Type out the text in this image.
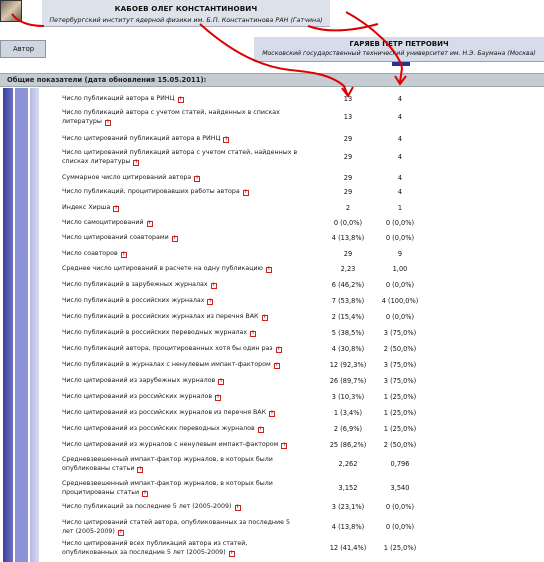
КАБОЕВ ОЛЕГ КОНСТАНТИНОВИЧ
Петербургский институт ядерной физики им. Б.П. Константинова РАН (Гатчина)
Автор
ГАРЯЕВ ПЕТР ПЕТРОВИЧ
Московский государственный технический университет им. Н.Э. Баумана (Москва)
Общие показатели (дата обновления 15.05.2011):
Число публикаций автора в РИНЦ ?	13	4
Число публикаций автора с учетом статей, найденных в списках литературы ?
13	4
Число цитирований публикаций автора в РИНЦ ?	29	4
Число цитирований публикаций автора с учетом статей, найденных в списках литературы ?
29	4
Суммарное число цитирований автора ?	29	4
Число публикаций, процитировавших работы автора ?	29	4
Индекс Хирша ?	2	1
Число самоцитирований ?	0 (0,0%)	0 (0,0%)
Число цитирований соавторами ?	4 (13,8%)	0 (0,0%)
Число соавторов ?	29	9
Среднее число цитирований в расчете на одну публикацию ?	2,23	1,00
Число публикаций в зарубежных журналах ?	6 (46,2%)	0 (0,0%)
Число публикаций в российских журналах ?	7 (53,8%)	4 (100,0%)
Число публикаций в российских журналах из перечня ВАК ?	2 (15,4%)	0 (0,0%)
Число публикаций в российских переводных журналах ?	5 (38,5%)	3 (75,0%)
Число публикаций автора, процитированных хотя бы один раз ?	4 (30,8%)	2 (50,0%)
Число публикаций в журналах с ненулевым импакт-фактором ?	12 (92,3%)	3 (75,0%)
Число цитирований из зарубежных журналов ?	26 (89,7%)	3 (75,0%)
Число цитирований из российских журналов ?	3 (10,3%)	1 (25,0%)
Число цитирований из российских журналов из перечня ВАК ?	1 (3,4%)	1 (25,0%)
Число цитирований из российских переводных журналов ?	2 (6,9%)	1 (25,0%)
Число цитирований из журналов с ненулевым импакт-фактором ?	25 (86,2%)	2 (50,0%)
Средневзвешенный импакт-фактор журналов, в которых были опубликованы статьи ?
2,262	0,796
Средневзвешенный импакт-фактор журналов, в которых были процитированы статьи ?
3,152	3,540
Число публикаций за последние 5 лет (2005-2009) ?	3 (23,1%)	0 (0,0%)
Число цитирований статей автора, опубликованных за последние 5 лет (2005-2009) ?
4 (13,8%)	0 (0,0%)
Число цитирований всех публикаций автора из статей, опубликованных за последние 5 лет (2005-2009) ?
12 (41,4%)	1 (25,0%)
